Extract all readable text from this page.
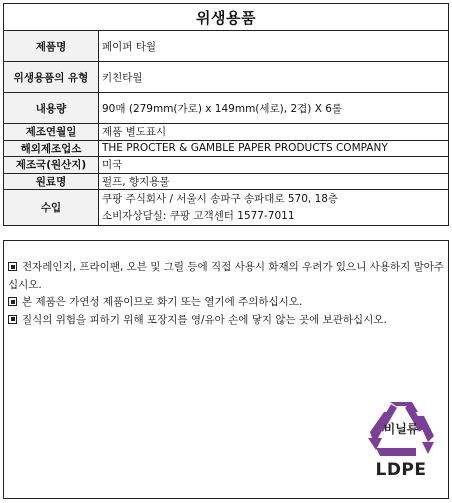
위생용품
제품명	페이퍼 타월
위생용품의 유형	키친타월
내용량	90매 (279mm(가로) x 149mm(세로), 2겹) X 6롤
제조연월일	제품 별도표시
해외제조업소	THE PROCTER & GAMBLE PAPER PRODUCTS COMPANY
제조국(원산지)	미국
원료명	펄프, 향지용물
수입	쿠팡 주식회사 / 서울시 송파구 송파대로 570, 18층
소비자상담실: 쿠팡 고객센터 1577-7011

전자레인지, 프라이팬, 오븐 및 그릴 등에 직접 사용시 화재의 우려가 있으니 사용하지 말아주십시오.

본 제품은 가연성 제품이므로 화기 또는 열기에 주의하십시오.

질식의 위험을 피하기 위해 포장지를 영/유아 손에 닿지 않는 곳에 보관하십시오.

비닐류
LDPE
